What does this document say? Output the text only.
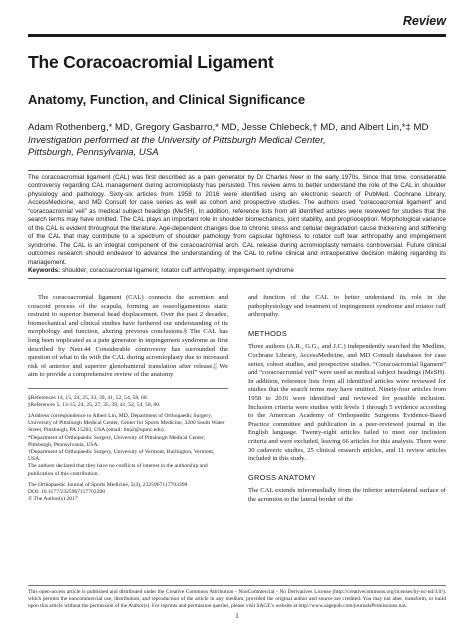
Review
The Coracoacromial Ligament
Anatomy, Function, and Clinical Significance
Adam Rothenberg,* MD, Gregory Gasbarro,* MD, Jesse Chlebeck,† MD, and Albert Lin,*‡ MD
Investigation performed at the University of Pittsburgh Medical Center,
Pittsburgh, Pennsylvania, USA

The coracoacromial ligament (CAL) was first described as a pain generator by Dr Charles Neer in the early 1970s. Since that time, considerable controversy regarding CAL management during acromioplasty has persisted. This review aims to better understand the role of the CAL in shoulder physiology and pathology. Sixty-six articles from 1958 to 2016 were identified using an electronic search of PubMed, Cochrane Library, AccessMedicine, and MD Consult for case series as well as cohort and prospective studies. The authors used “coracoacromial ligament” and “coracoacromial veil” as medical subject headings (MeSH). In addition, reference lists from all identified articles were reviewed for studies that the search terms may have omitted. The CAL plays an important role in shoulder biomechanics, joint stability, and proprioception. Morphological variance of the CAL is evident throughout the literature. Age-dependent changes due to chronic stress and cellular degradation cause thickening and stiffening of the CAL that may contribute to a spectrum of shoulder pathology from capsular tightness to rotator cuff tear arthropathy and impingement syndrome. The CAL is an integral component of the coracoacromial arch. CAL release during acromioplasty remains controversial. Future clinical outcomes research should endeavor to advance the understanding of the CAL to refine clinical and intraoperative decision making regarding its management.

Keywords: shoulder; coracoacromial ligament; rotator cuff arthropathy; impingement syndrome

The coracoacromial ligament (CAL) connects the acromion and coracoid process of the scapula, forming an osseoligamentous static restraint to superior humeral head displacement. Over the past 2 decades, biomechanical and clinical studies have furthered our understanding of its morphology and function, altering previous conclusions.§ The CAL has long been implicated as a pain generator in impingement syndrome as first described by Neer.44 Considerable controversy has surrounded the question of what to do with the CAL during acromioplasty due to increased risk of anterior and superior glenohumeral translation after release.|| We aim to provide a comprehensive review of the anatomy

§References 14, 15, 24, 25, 33, 39, 41, 52, 54, 58, 60.

||References 5, 13-15, 24, 25, 27, 35, 39, 41, 52, 54, 58, 60.

‡Address correspondence to Albert Lin, MD, Department of Orthopaedic Surgery, University of Pittsburgh Medical Center, Center for Sports Medicine, 3200 South Water Street, Pittsburgh, PA 15203, USA (email: llna2@upmc.edu).

*Department of Orthopaedic Surgery, University of Pittsburgh Medical Center, Pittsburgh, Pennsylvania, USA.

†Department of Orthopaedic Surgery, University of Vermont, Burlington, Vermont, USA.

The authors declared that they have no conflicts of interest in the authorship and publication of this contribution.

The Orthopaedic Journal of Sports Medicine, 5(4), 2325967117703398

DOI: 10.1177/2325967117703398

© The Author(s) 2017

and function of the CAL to better understand its role in the pathophysiology and treatment of impingement syndrome and rotator cuff arthropathy.

METHODS

Three authors (A.R., G.G., and J.C.) independently searched the Medline, Cochrane Library, AccessMedicine, and MD Consult databases for case series, cohort studies, and prospective studies. “Coracoacromial ligament” and “coracoacromial veil” were used as medical subject headings (MeSH). In addition, reference lists from all identified articles were reviewed for studies that the search terms may have omitted. Ninety-four articles from 1958 to 2016 were identified and reviewed for possible inclusion. Inclusion criteria were studies with levels 1 through 5 evidence according to the American Academy of Orthopaedic Surgeons Evidence-Based Practice committee and publication in a peer-reviewed journal in the English language. Twenty-eight articles failed to meet our inclusion criteria and were excluded, leaving 66 articles for this analysis. There were 30 cadaveric studies, 25 clinical research articles, and 11 review articles included in this study.

GROSS ANATOMY

The CAL extends inferomedially from the inferior anterolateral surface of the acromion to the lateral border of the

This open-access article is published and distributed under the Creative Commons Attribution - NonCommercial - No Derivatives License (http://creativecommons.org/licenses/by-nc-nd/3.0/), which permits the noncommercial use, distribution, and reproduction of the article in any medium, provided the original author and source are credited. You may not alter, transform, or build upon this article without the permission of the Author(s). For reprints and permission queries, please visit SAGE’s website at http://www.sagepub.com/journalsPermissions.nav.
1
